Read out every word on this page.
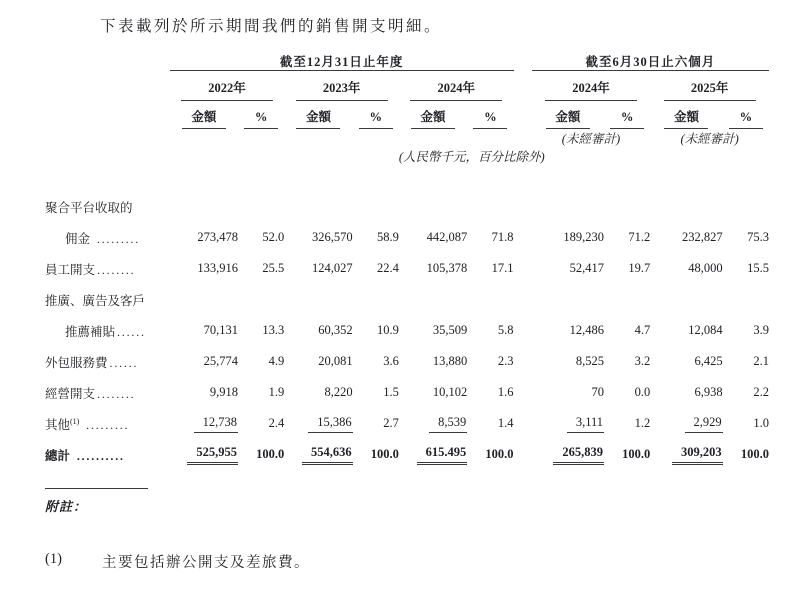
下表載列於所示期間我們的銷售開支明細。

	截至12月31日止年度							截至6月30日止六個月			
	2022年		2023年		2024年			2024年		2025年	
	金額	%	金額	%	金額	%		金額	%	金額	%
								(未經審計)		(未經審計)	
					(人民幣千元，百分比除外)						
聚合平台收取的											
佣金 .........	273,478	52.0	326,570	58.9	442,087	71.8		189,230	71.2	232,827	75.3
員工開支 ........	133,916	25.5	124,027	22.4	105,378	17.1		52,417	19.7	48,000	15.5
推廣、廣告及客戶											
推薦補貼 ......	70,131	13.3	60,352	10.9	35,509	5.8		12,486	4.7	12,084	3.9
外包服務費 ......	25,774	4.9	20,081	3.6	13,880	2.3		8,525	3.2	6,425	2.1
經營開支 ........	9,918	1.9	8,220	1.5	10,102	1.6		70	0.0	6,938	2.2
其他$^{(1)}$ .........	12,738	2.4	15,386	2.7	8,539	1.4		3,111	1.2	2,929	1.0
總計 ..........	525,955	100.0	554,636	100.0	615.495	100.0		265,839	100.0	309,203	100.0
附註：
(1)	主要包括辦公開支及差旅費。
